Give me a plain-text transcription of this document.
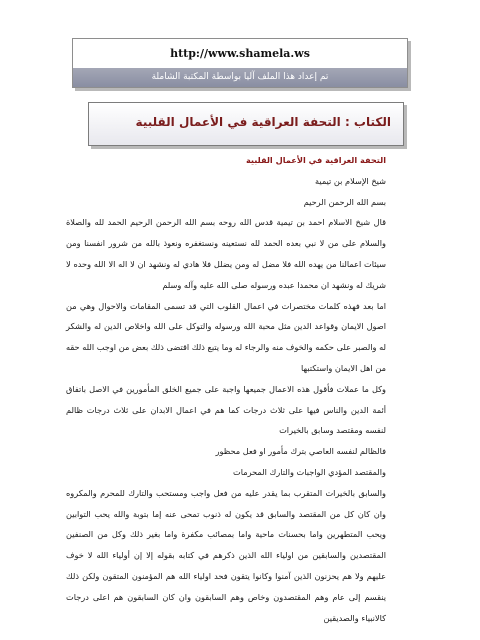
http://www.shamela.ws
تم إعداد هذا الملف آليا بواسطة المكتبة الشاملة
الكتاب : التحفة العراقية في الأعمال القلبية

التحفة العراقية في الأعمال القلبية

شيخ الإسلام بن تيمية

بسم الله الرحمن الرحيم

قال شيخ الاسلام احمد بن تيمية قدس الله روحه بسم الله الرحمن الرحيم الحمد لله والصلاة والسلام على من لا نبي بعده الحمد لله نستعينه ونستغفره ونعوذ بالله من شرور انفسنا ومن سيئات اعمالنا من يهده الله فلا مضل له ومن يضلل فلا هادي له ونشهد ان لا اله الا الله وحده لا شريك له ونشهد ان محمدا عبده ورسوله صلى الله عليه وآله وسلم

اما بعد فهذه كلمات مختصرات في اعمال القلوب التي قد تسمى المقامات والاحوال وهي من اصول الايمان وقواعد الدين مثل محبة الله ورسوله والتوكل على الله واخلاص الدين له والشكر له والصبر على حكمه والخوف منه والرجاء له وما يتبع ذلك اقتضى ذلك بعض من اوجب الله حقه من اهل الايمان واستكتبها

وكل ما عملات فأقول هذه الاعمال جميعها واجبة على جميع الخلق المأمورين في الاصل باتفاق أئمة الدين والناس فيها على ثلاث درجات كما هم في اعمال الابدان على ثلاث درجات ظالم لنفسه ومقتصد وسابق بالخيرات

فالظالم لنفسه العاصي بترك مأمور او فعل محظور

والمقتصد المؤدي الواجبات والتارك المحرمات

والسابق بالخيرات المتقرب بما يقدر عليه من فعل واجب ومستحب والتارك للمحرم والمكروه وان كان كل من المقتصد والسابق قد يكون له ذنوب تمحى عنه إما بتوبة والله يحب التوابين ويحب المتطهرين واما بحسنات ماحية واما بمصائب مكفرة واما بغير ذلك وكل من الصنفين المقتصدين والسابقين من اولياء الله الذين ذكرهم في كتابه بقوله إلا إن أولياء الله لا خوف عليهم ولا هم يحزنون الذين آمنوا وكانوا يتقون فحد اولياء الله هم المؤمنون المتقون ولكن ذلك ينقسم إلى عام وهم المقتصدون وخاص وهم السابقون وان كان السابقون هم اعلى درجات كالانبياء والصديقين
